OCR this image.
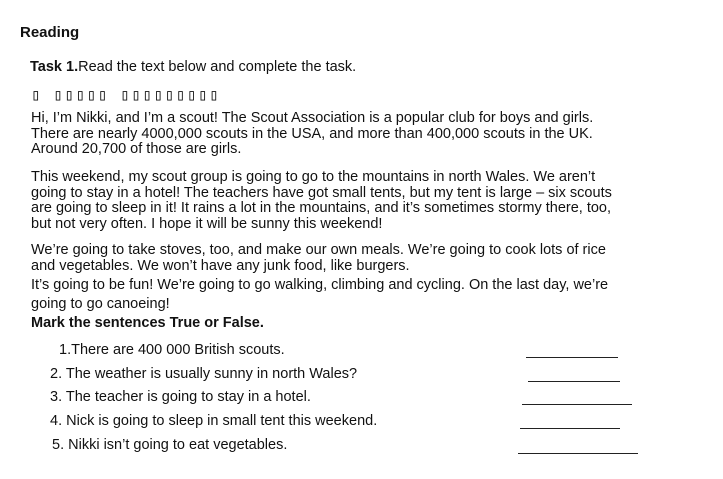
Reading
Task 1.Read the text below and complete the task.
▯ ▯▯▯▯▯ ▯▯▯▯▯▯▯▯▯
Hi, I’m Nikki, and I’m a scout! The Scout Association is a popular club for boys and girls.
There are nearly 4000,000 scouts in the USA, and more than 400,000 scouts in the UK.
Around 20,700 of those are girls.
This weekend, my scout group is going to go to the mountains in north Wales. We aren’t
going to stay in a hotel! The teachers have got small tents, but my tent is large – six scouts
are going to sleep in it! It rains a lot in the mountains, and it’s sometimes stormy there, too,
but not very often. I hope it will be sunny this weekend!
We’re going to take stoves, too, and make our own meals. We’re going to cook lots of rice
and vegetables. We won’t have any junk food, like burgers.
It’s going to be fun! We’re going to go walking, climbing and cycling. On the last day, we’re
going to go canoeing!
Mark the sentences True or False.
1.There are 400 000 British scouts.
2. The weather is usually sunny in north Wales?
3. The teacher is going to stay in a hotel.
4. Nick is going to sleep in small tent this weekend.
5. Nikki isn’t going to eat vegetables.
